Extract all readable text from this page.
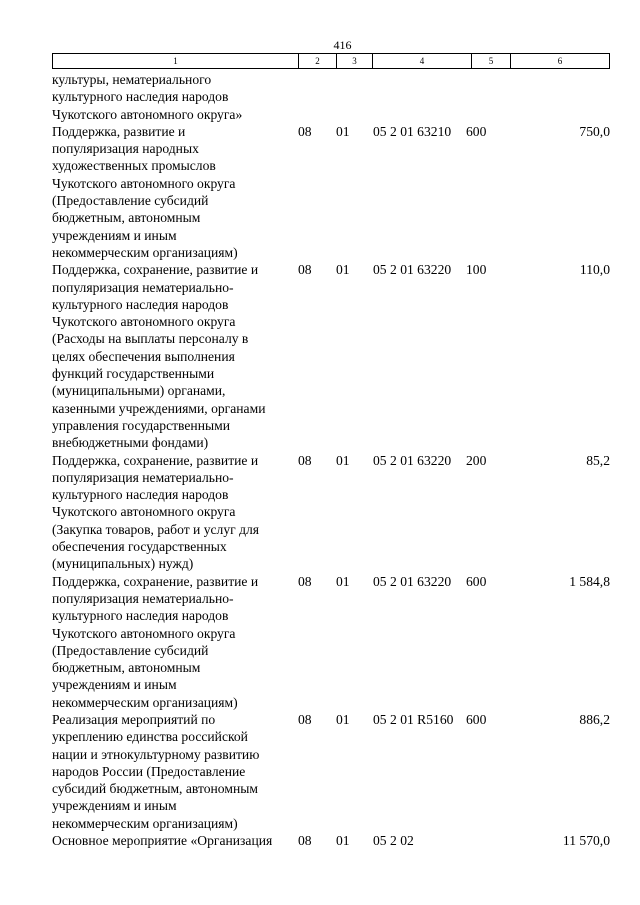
416
1	2	3	4	5	6
культуры, нематериального
культурного наследия народов
Чукотского автономного округа»
Поддержка, развитие и
популяризация народных
художественных промыслов
Чукотского автономного округа
(Предоставление субсидий
бюджетным, автономным
учреждениям и иным
некоммерческим организациям)
08	01	05 2 01 63210	600	750,0
Поддержка, сохранение, развитие и
популяризация нематериально-
культурного наследия народов
Чукотского автономного округа
(Расходы на выплаты персоналу в
целях обеспечения выполнения
функций государственными
(муниципальными) органами,
казенными учреждениями, органами
управления государственными
внебюджетными фондами)
08	01	05 2 01 63220	100	110,0
Поддержка, сохранение, развитие и
популяризация нематериально-
культурного наследия народов
Чукотского автономного округа
(Закупка товаров, работ и услуг для
обеспечения государственных
(муниципальных) нужд)
08	01	05 2 01 63220	200	85,2
Поддержка, сохранение, развитие и
популяризация нематериально-
культурного наследия народов
Чукотского автономного округа
(Предоставление субсидий
бюджетным, автономным
учреждениям и иным
некоммерческим организациям)
08	01	05 2 01 63220	600	1 584,8
Реализация мероприятий по
укреплению единства российской
нации и этнокультурному развитию
народов России (Предоставление
субсидий бюджетным, автономным
учреждениям и иным
некоммерческим организациям)
08	01	05 2 01 R5160 600	886,2
Основное мероприятие «Организация	08	01	05 2 02	11 570,0
